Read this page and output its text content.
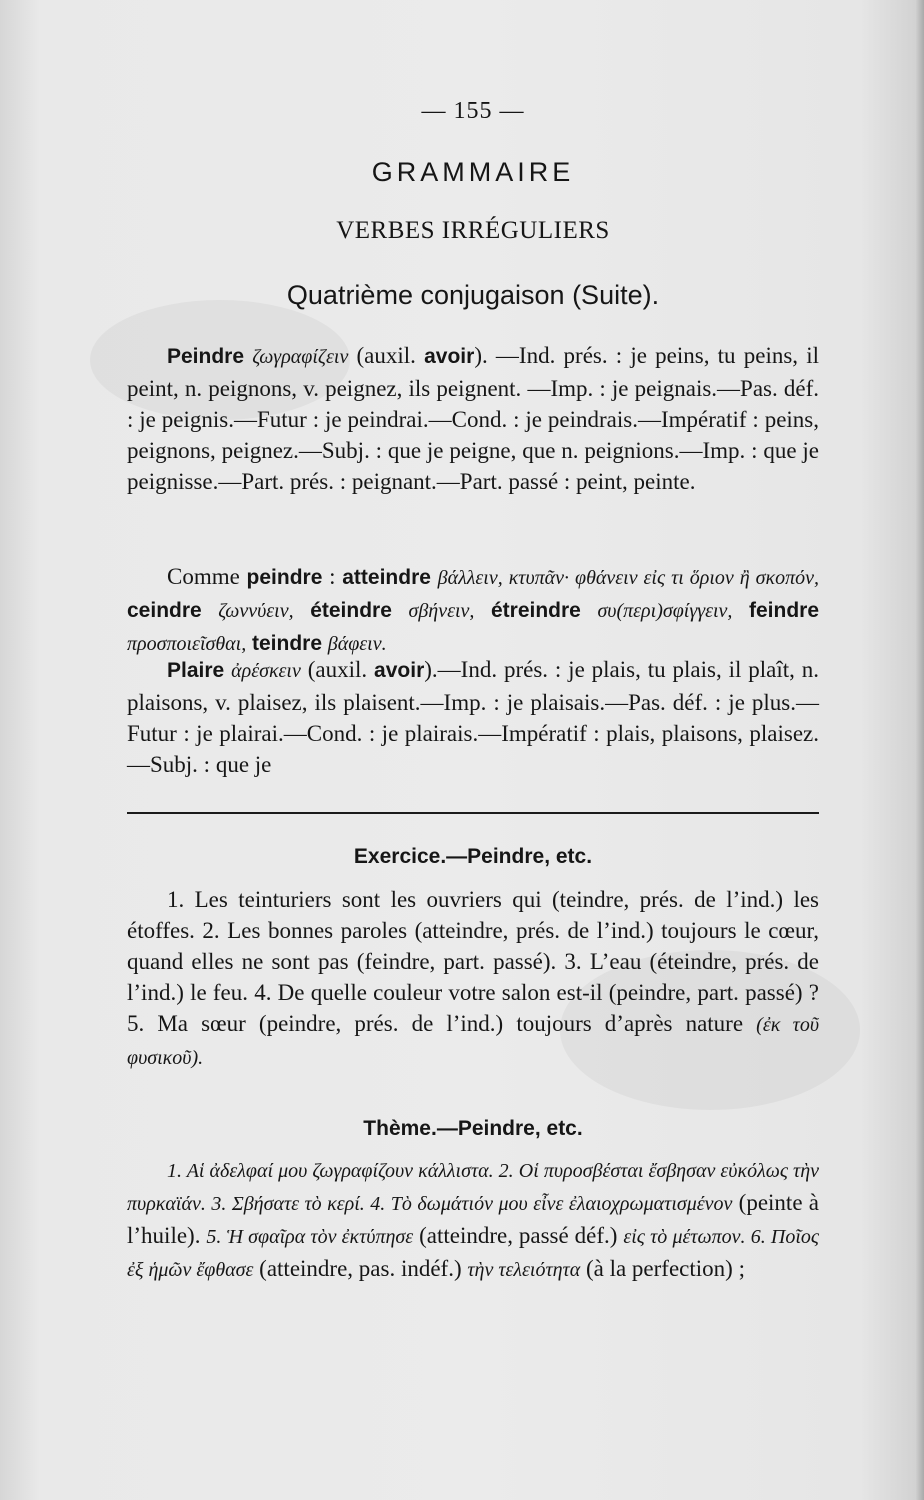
— 155 —
GRAMMAIRE
VERBES IRRÉGULIERS
Quatrième conjugaison (Suite).

Peindre ζωγραφίζειν (auxil. avoir). —Ind. prés. : je peins, tu peins, il peint, n. peignons, v. peignez, ils peignent. —Imp. : je peignais.—Pas. déf. : je peignis.—Futur : je peindrai.—Cond. : je peindrais.—Impératif : peins, peignons, peignez.—Subj. : que je peigne, que n. peignions.—Imp. : que je peignisse.—Part. prés. : peignant.—Part. passé : peint, peinte.

Comme peindre : atteindre βάλλειν, κτυπᾶν· φθάνειν εἰς τι ὅριον ἢ σκοπόν, ceindre ζωννύειν, éteindre σβήνειν, étreindre συ(περι)σφίγγειν, feindre προσποιεῖσθαι, teindre βάφειν.

Plaire ἀρέσκειν (auxil. avoir).—Ind. prés. : je plais, tu plais, il plaît, n. plaisons, v. plaisez, ils plaisent.—Imp. : je plaisais.—Pas. déf. : je plus.—Futur : je plairai.—Cond. : je plairais.—Impératif : plais, plaisons, plaisez.—Subj. : que je

Exercice.—Peindre, etc.

1. Les teinturiers sont les ouvriers qui (teindre, prés. de l’ind.) les étoffes. 2. Les bonnes paroles (atteindre, prés. de l’ind.) toujours le cœur, quand elles ne sont pas (feindre, part. passé). 3. L’eau (éteindre, prés. de l’ind.) le feu. 4. De quelle couleur votre salon est-il (peindre, part. passé) ? 5. Ma sœur (peindre, prés. de l’ind.) toujours d’après nature (ἐκ τοῦ φυσικοῦ).

Thème.—Peindre, etc.

1. Αἱ ἀδελφαί μου ζωγραφίζουν κάλλιστα. 2. Οἱ πυροσβέσται ἔσβησαν εὐκόλως τὴν πυρκαϊάν. 3. Σβήσατε τὸ κερί. 4. Τὸ δωμάτιόν μου εἶνε ἐλαιοχρωματισμένον (peinte à l’huile). 5. Ἡ σφαῖρα τὸν ἐκτύπησε (atteindre, passé déf.) εἰς τὸ μέτωπον. 6. Ποῖος ἐξ ἡμῶν ἔφθασε (atteindre, pas. indéf.) τὴν τελειότητα (à la perfection) ;
